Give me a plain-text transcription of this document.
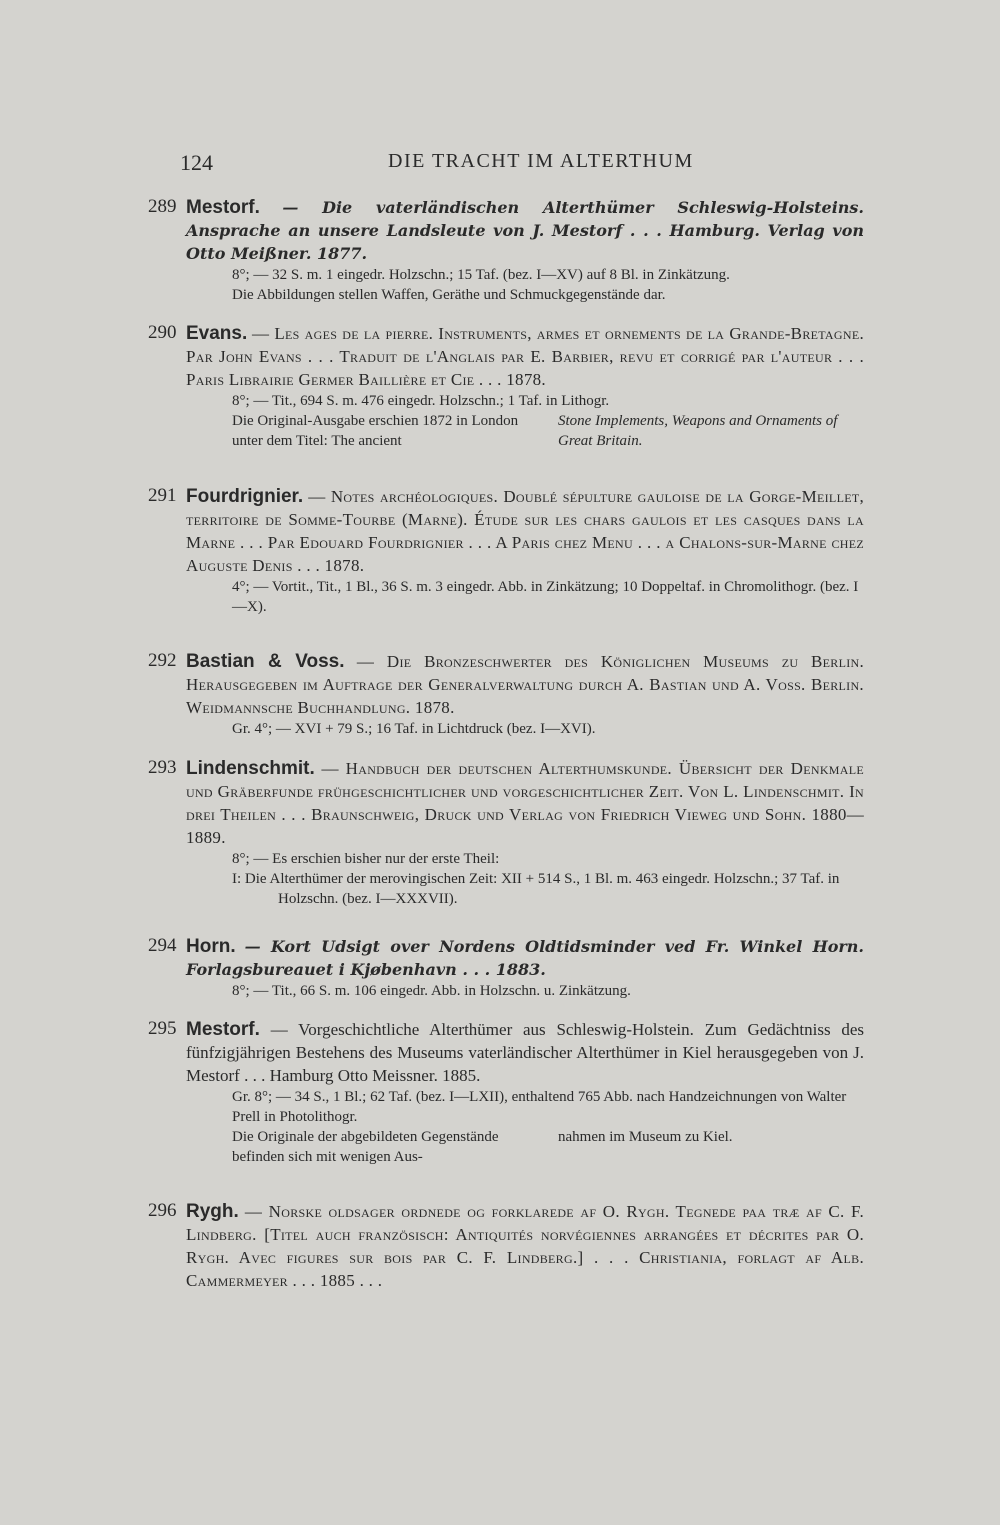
124	DIE TRACHT IM ALTERTHUM
289 Mestorf. — Die vaterländischen Alterthümer Schleswig-Holsteins. Ansprache an unsere Landsleute von J. Mestorf . . . Hamburg. Verlag von Otto Meißner. 1877.
8°; — 32 S. m. 1 eingedr. Holzschn.; 15 Taf. (bez. I—XV) auf 8 Bl. in Zinkätzung.
Die Abbildungen stellen Waffen, Geräthe und Schmuckgegenstände dar.
290 Evans. — Les ages de la pierre. Instruments, armes et ornements de la Grande-Bretagne. Par John Evans . . . Traduit de l'Anglais par E. Barbier, revu et corrigé par l'auteur . . . Paris Librairie Germer Baillière et Cie . . . 1878.
8°; — Tit., 694 S. m. 476 eingedr. Holzschn.; 1 Taf. in Lithogr.
Die Original-Ausgabe erschien 1872 in London unter dem Titel: The ancient
Stone Implements, Weapons and Ornaments of Great Britain.
291 Fourdrignier. — Notes archéologiques. Doublé sépulture gauloise de la Gorge-Meillet, territoire de Somme-Tourbe (Marne). Étude sur les chars gaulois et les casques dans la Marne . . . Par Edouard Fourdrignier . . . A Paris chez Menu . . . a Chalons-sur-Marne chez Auguste Denis . . . 1878.
4°; — Vortit., Tit., 1 Bl., 36 S. m. 3 eingedr. Abb. in Zinkätzung; 10 Doppeltaf. in Chromolithogr. (bez. I—X).
292 Bastian & Voss. — Die Bronzeschwerter des Königlichen Museums zu Berlin. Herausgegeben im Auftrage der Generalverwaltung durch A. Bastian und A. Voss. Berlin. Weidmannsche Buchhandlung. 1878.
Gr. 4°; — XVI + 79 S.; 16 Taf. in Lichtdruck (bez. I—XVI).
293 Lindenschmit. — Handbuch der deutschen Alterthumskunde. Übersicht der Denkmale und Gräberfunde frühgeschichtlicher und vorgeschichtlicher Zeit. Von L. Lindenschmit. In drei Theilen . . . Braunschweig, Druck und Verlag von Friedrich Vieweg und Sohn. 1880—1889.
8°; — Es erschien bisher nur der erste Theil:
I: Die Alterthümer der merovingischen Zeit: XII + 514 S., 1 Bl. m. 463 eingedr. Holzschn.; 37 Taf. in Holzschn. (bez. I—XXXVII).
294 Horn. — Kort Udsigt over Nordens Oldtidsminder ved Fr. Winkel Horn. Forlagsbureauet i Kjøbenhavn . . . 1883.
8°; — Tit., 66 S. m. 106 eingedr. Abb. in Holzschn. u. Zinkätzung.
295 Mestorf. — Vorgeschichtliche Alterthümer aus Schleswig-Holstein. Zum Gedächtniss des fünfzigjährigen Bestehens des Museums vaterländischer Alterthümer in Kiel herausgegeben von J. Mestorf . . . Hamburg Otto Meissner. 1885.
Gr. 8°; — 34 S., 1 Bl.; 62 Taf. (bez. I—LXII), enthaltend 765 Abb. nach Handzeichnungen von Walter Prell in Photolithogr.
Die Originale der abgebildeten Gegenstände befinden sich mit wenigen Aus-
nahmen im Museum zu Kiel.
296 Rygh. — Norske oldsager ordnede og forklarede af O. Rygh. Tegnede paa træ af C. F. Lindberg. [Titel auch französisch: Antiquités norvégiennes arrangées et décrites par O. Rygh. Avec figures sur bois par C. F. Lindberg.] . . . Christiania, forlagt af Alb. Cammermeyer . . . 1885 . . .
